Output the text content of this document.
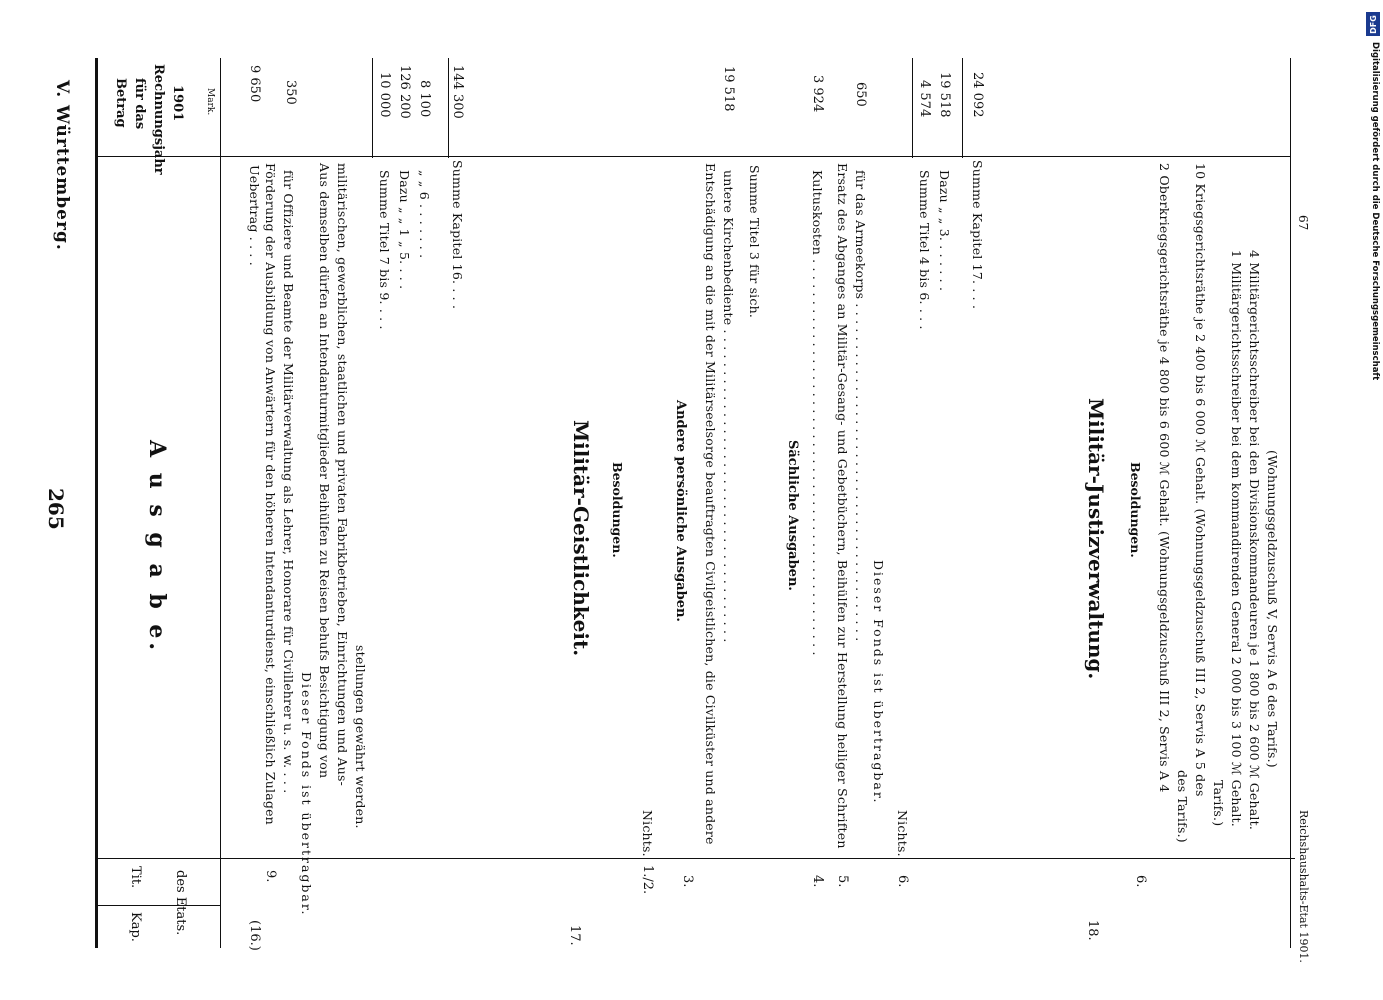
265
V. Württemberg.
Kap.
Tit. des Etats.
A u s g a b e.
Betrag für das Rechnungsjahr 1901 Mark.
(16.)
9.
Förderung der Ausbildung von Anwärtern für den höheren Intendanturdienst, einschließlich Zulagen für Offiziere und Beamte der Militärverwaltung als Lehrer, Honorare für Civillehrer u. s. w. . . .
Dieser Fonds ist übertragbar.
Aus demselben dürfen an Intendanturmitglieder Beihülfen zu Reisen behufs Besichtigung von militärischen, gewerblichen, staatlichen und privaten Fabrikbetrieben, Einrichtungen und Aus- stellungen gewährt werden.
Uebertrag . . . .
9 650 350
Summe Titel 7 bis 9. . . . Dazu „ „ 1 „ 5. . . . „ „ 6 . . . . . . . Summe Kapitel 16. . . .
10 000 126 200 8 100 144 300
17.
Militär-Geistlichkeit. Besoldungen.
1./2.
Nichts.
Andere persönliche Ausgaben.
3.
Entschädigung an die mit der Militärseelsorge beauftragten Civilgeistlichen, die Civilküster und andere untere Kirchenbediente . . . . . . . . . . . . . . . . . . . . . . . . . . . . . . . . . . . . . .
19 518
Summe Titel 3 für sich.
Sächliche Ausgaben.
4.
Kultuskosten . . . . . . . . . . . . . . . . . . . . . . . . . . . . . . . . . . . . . . . . . . . . . . . .
3 924
5.
Ersatz des Abganges an Militär-Gesang- und Gebetbüchern, Beihülfen zur Herstellung heiliger Schriften für das Armeekorps . . . . . . . . . . . . . . . . . . . . . . . . . . . . . . . . . . . . . . . . .
Dieser Fonds ist übertragbar.
650
6.
Nichts.
Summe Titel 4 bis 6. . . . Dazu „ „ 3. . . . . . . Summe Kapitel 17. . . .
4 574 19 518 24 092
18.
Militär-Justizverwaltung. Besoldungen.
6.
2 Oberkriegsgerichtsräthe je 4 800 bis 6 600 ℳ Gehalt. (Wohnungsgeldzuschuß III 2, Servis A 4
des Tarifs.)
10 Kriegsgerichtsräthe je 2 400 bis 6 000 ℳ Gehalt. (Wohnungsgeldzuschuß III 2, Servis A 5 des
Tarifs.) 1 Militärgerichtsschreiber bei dem kommandirenden General 2 000 bis 3 100 ℳ Gehalt. 4 Militärgerichtsschreiber bei den Divisionskommandeuren je 1 800 bis 2 600 ℳ Gehalt. (Wohnungsgeldzuschuß V, Servis A 6 des Tarifs.)
Reichshaushalts-Etat 1901.
67
DFG
Digitalisierung gefördert durch die Deutsche Forschungsgemeinschaft
